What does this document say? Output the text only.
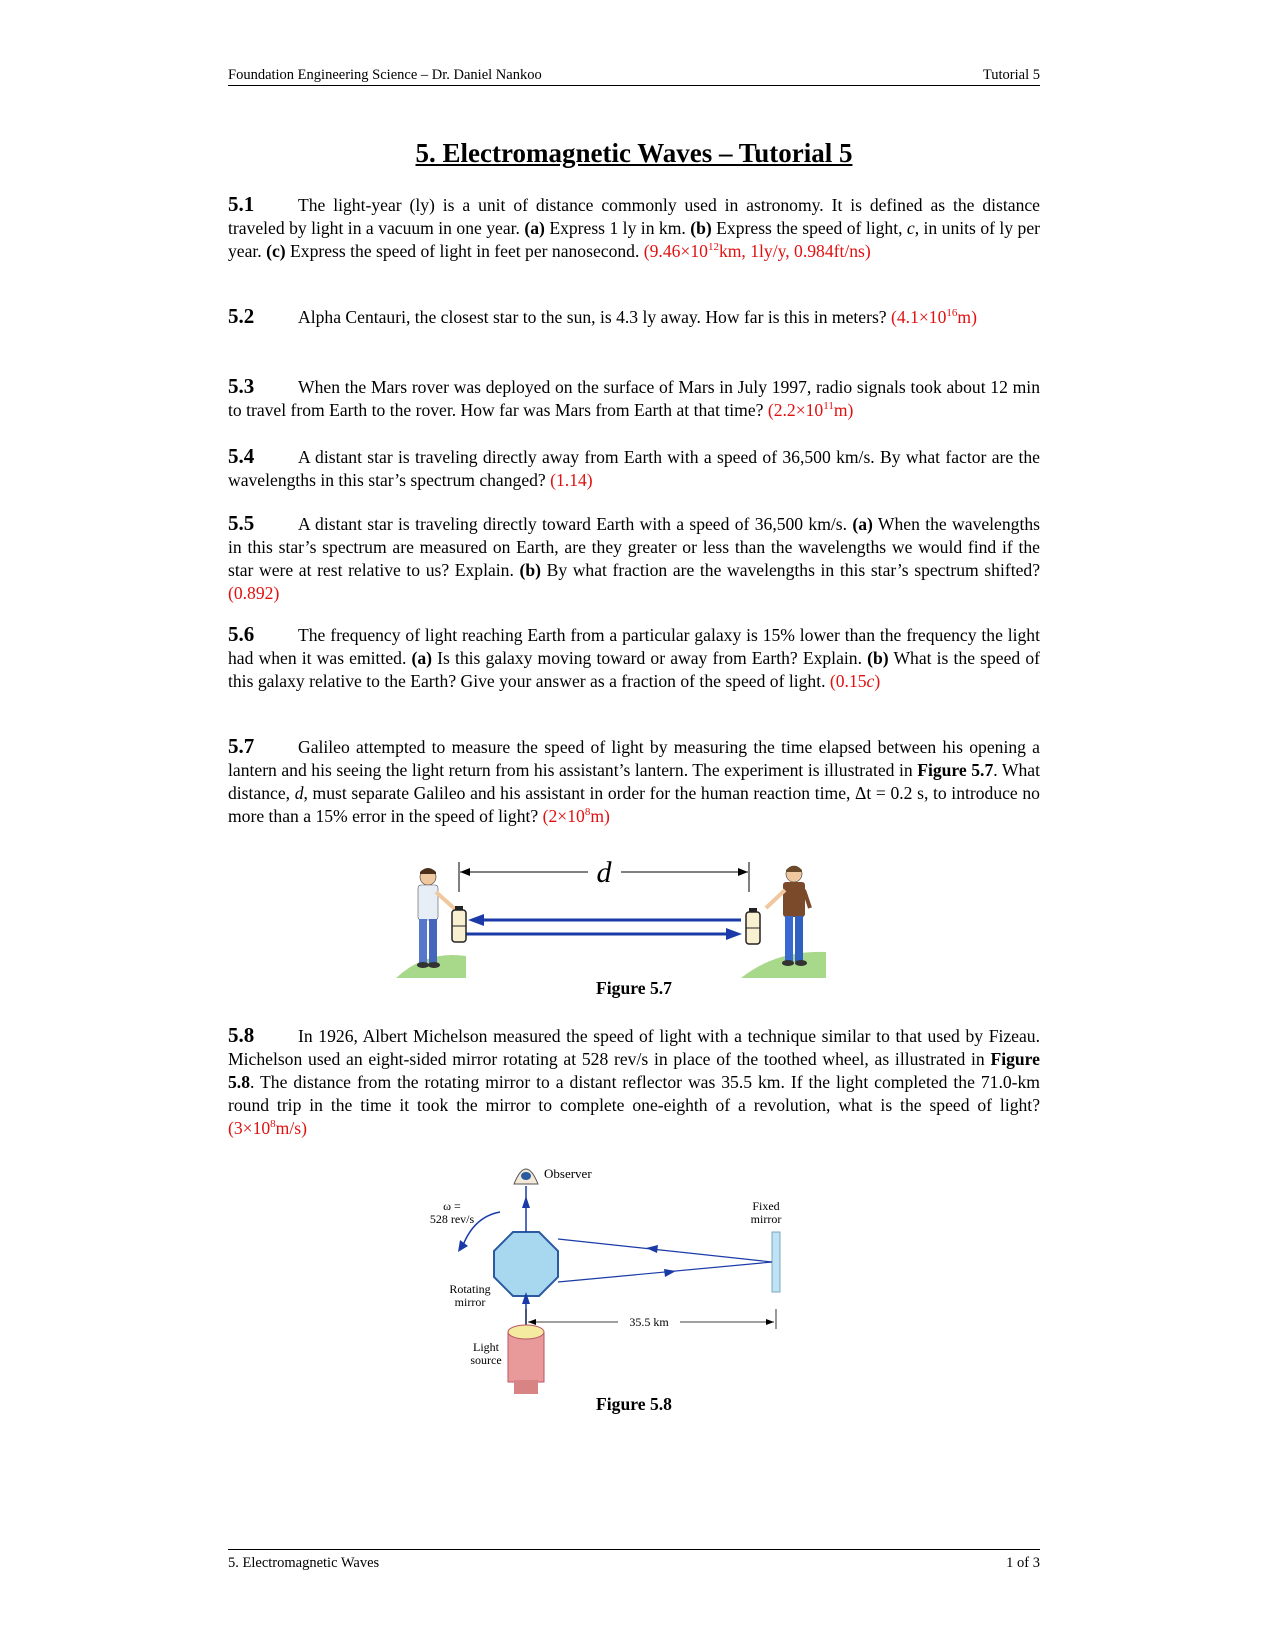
Foundation Engineering Science – Dr. Daniel Nankoo	Tutorial 5
5. Electromagnetic Waves – Tutorial 5
5.1 The light-year (ly) is a unit of distance commonly used in astronomy. It is defined as the distance traveled by light in a vacuum in one year. (a) Express 1 ly in km. (b) Express the speed of light, c, in units of ly per year. (c) Express the speed of light in feet per nanosecond. ($9.46\times 10^{12}km$, 1ly/y, 0.984ft/ns)
5.2 Alpha Centauri, the closest star to the sun, is 4.3 ly away. How far is this in meters? $(4.1\times 10^{16}m)$
5.3 When the Mars rover was deployed on the surface of Mars in July 1997, radio signals took about 12 min to travel from Earth to the rover. How far was Mars from Earth at that time? $(2.2\times 10^{11}m)$
5.4 A distant star is traveling directly away from Earth with a speed of 36,500 km/s. By what factor are the wavelengths in this star’s spectrum changed? (1.14)
5.5 A distant star is traveling directly toward Earth with a speed of 36,500 km/s. (a) When the wavelengths in this star’s spectrum are measured on Earth, are they greater or less than the wavelengths we would find if the star were at rest relative to us? Explain. (b) By what fraction are the wavelengths in this star’s spectrum shifted? (0.892)
5.6 The frequency of light reaching Earth from a particular galaxy is 15% lower than the frequency the light had when it was emitted. (a) Is this galaxy moving toward or away from Earth? Explain. (b) What is the speed of this galaxy relative to the Earth? Give your answer as a fraction of the speed of light. (0.15c)
5.7 Galileo attempted to measure the speed of light by measuring the time elapsed between his opening a lantern and his seeing the light return from his assistant’s lantern. The experiment is illustrated in Figure 5.7. What distance, d, must separate Galileo and his assistant in order for the human reaction time, Δt = 0.2 s, to introduce no more than a 15% error in the speed of light? $(2\times 10^8m)$
d
Figure 5.7
5.8 In 1926, Albert Michelson measured the speed of light with a technique similar to that used by Fizeau. Michelson used an eight-sided mirror rotating at 528 rev/s in place of the toothed wheel, as illustrated in Figure 5.8. The distance from the rotating mirror to a distant reflector was 35.5 km. If the light completed the 71.0-km round trip in the time it took the mirror to complete one-eighth of a revolution, what is the speed of light? $(3\times 10^8m/s)$
Observer
ω =
528 rev/s
Fixed
mirror
Rotating
mirror
35.5 km
Light
source
Figure 5.8
5. Electromagnetic Waves	1 of 3
